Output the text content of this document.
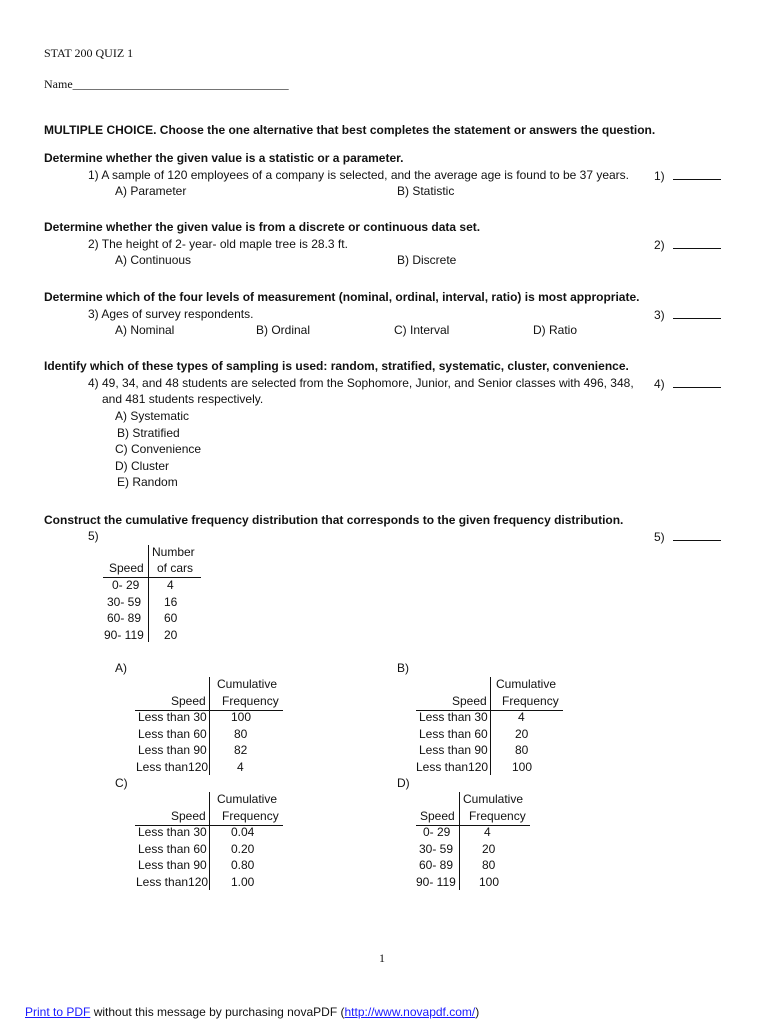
STAT 200 QUIZ 1
Name____________________________________
MULTIPLE CHOICE. Choose the one alternative that best completes the statement or answers the question.
Determine whether the given value is a statistic or a parameter.
1) A sample of 120 employees of a company is selected, and the average age is found to be 37 years. 1)
A) Parameter	B) Statistic
Determine whether the given value is from a discrete or continuous data set.
2) The height of 2- year- old maple tree is 28.3 ft.	2)
A) Continuous	B) Discrete
Determine which of the four levels of measurement (nominal, ordinal, interval, ratio) is most appropriate.
3) Ages of survey respondents.	3)
A) Nominal	B) Ordinal	C) Interval	D) Ratio
Identify which of these types of sampling is used: random, stratified, systematic, cluster, convenience.
4) 49, 34, and 48 students are selected from the Sophomore, Junior, and Senior classes with 496, 348, 4)
and 481 students respectively.
A) Systematic
B) Stratified
C) Convenience
D) Cluster
E) Random
Construct the cumulative frequency distribution that corresponds to the given frequency distribution.
5)	5)
Number
of cars
Speed
0- 29 4
30- 59 16
60- 89 60
90- 119 20
A)
Cumulative
Frequency
Speed
Less than 30 100
Less than 60 80
Less than 90 82
Less than120 4
B)
Cumulative
Frequency
Speed
Less than 30	4
Less than 60 20
Less than 90 80
Less than120 100
C)
Cumulative
Frequency
Speed
Less than 30 0.04
Less than 60 0.20
Less than 90 0.80
Less than120 1.00
D)
Cumulative
Frequency
Speed
0- 29	4
30- 59 20
60- 89 80
90- 119 100
1
Print to PDF without this message by purchasing novaPDF (http://www.novapdf.com/)
